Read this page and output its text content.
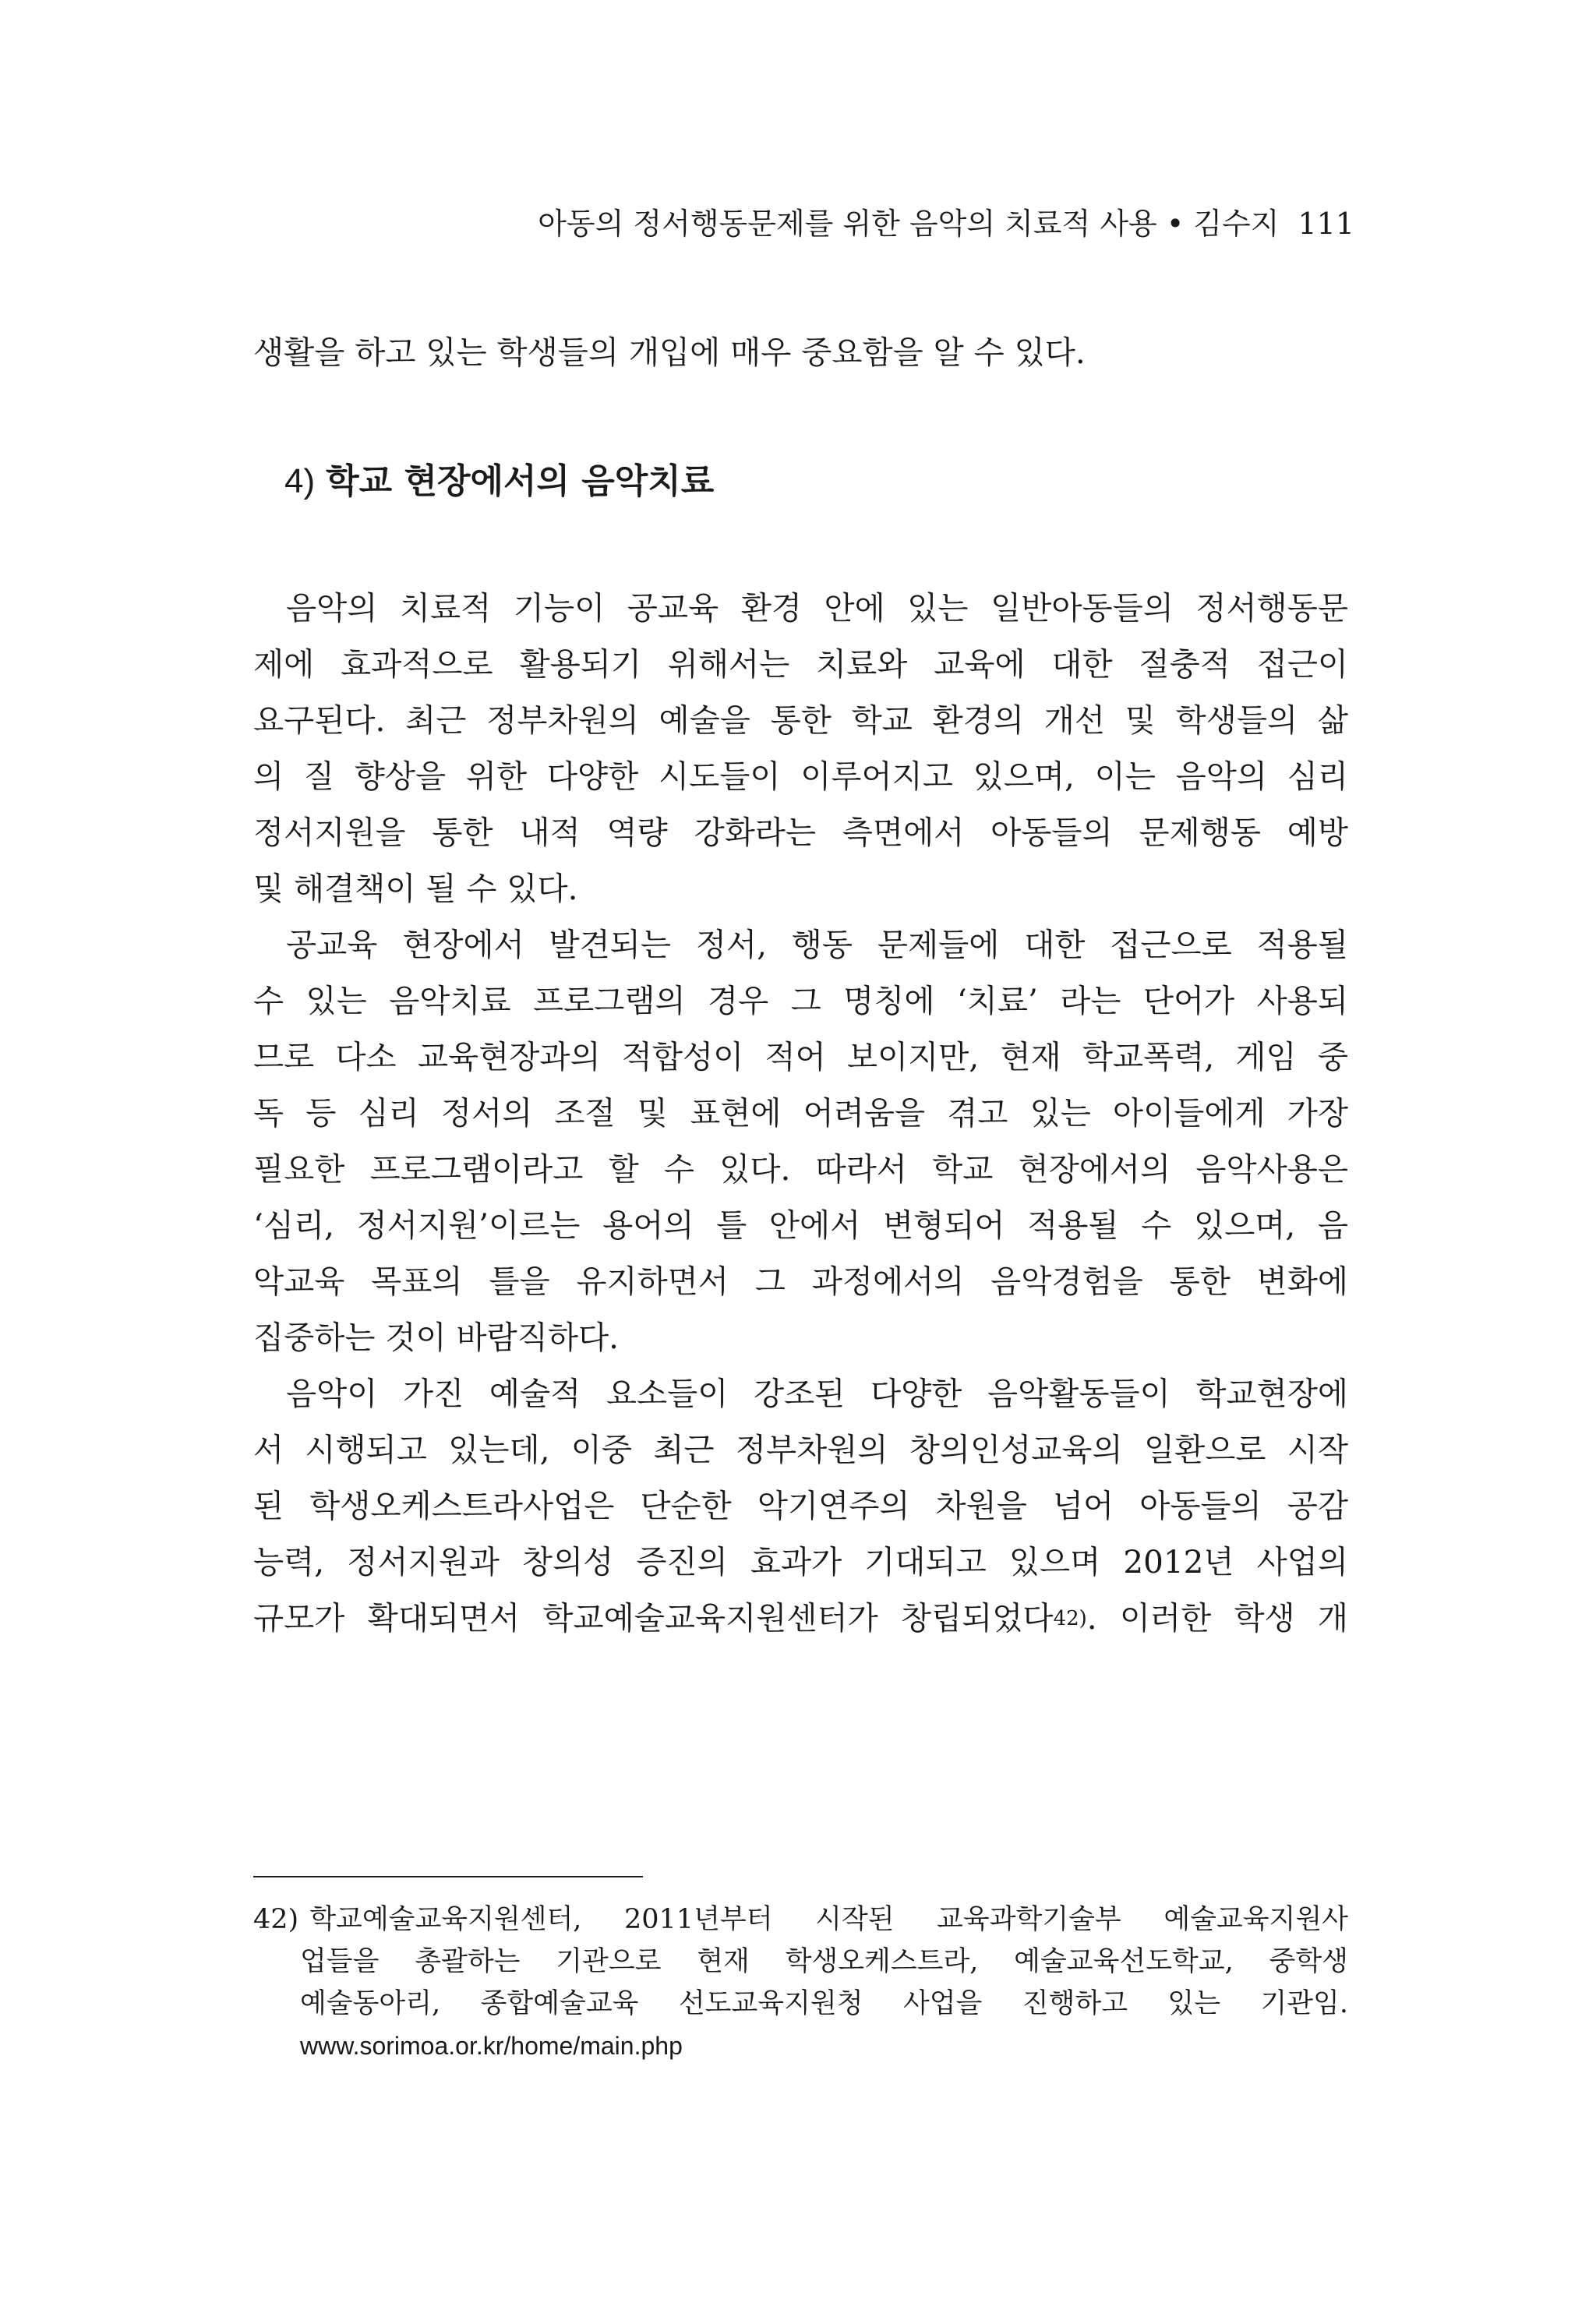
아동의 정서행동문제를 위한 음악의 치료적 사용 • 김수지 111
생활을 하고 있는 학생들의 개입에 매우 중요함을 알 수 있다.
4) 학교 현장에서의 음악치료
음악의 치료적 기능이 공교육 환경 안에 있는 일반아동들의 정서행동문
제에 효과적으로 활용되기 위해서는 치료와 교육에 대한 절충적 접근이
요구된다. 최근 정부차원의 예술을 통한 학교 환경의 개선 및 학생들의 삶
의 질 향상을 위한 다양한 시도들이 이루어지고 있으며, 이는 음악의 심리
정서지원을 통한 내적 역량 강화라는 측면에서 아동들의 문제행동 예방
및 해결책이 될 수 있다.
공교육 현장에서 발견되는 정서, 행동 문제들에 대한 접근으로 적용될
수 있는 음악치료 프로그램의 경우 그 명칭에 ‘치료’ 라는 단어가 사용되
므로 다소 교육현장과의 적합성이 적어 보이지만, 현재 학교폭력, 게임 중
독 등 심리 정서의 조절 및 표현에 어려움을 겪고 있는 아이들에게 가장
필요한 프로그램이라고 할 수 있다. 따라서 학교 현장에서의 음악사용은
‘심리, 정서지원’이르는 용어의 틀 안에서 변형되어 적용될 수 있으며, 음
악교육 목표의 틀을 유지하면서 그 과정에서의 음악경험을 통한 변화에
집중하는 것이 바람직하다.
음악이 가진 예술적 요소들이 강조된 다양한 음악활동들이 학교현장에
서 시행되고 있는데, 이중 최근 정부차원의 창의인성교육의 일환으로 시작
된 학생오케스트라사업은 단순한 악기연주의 차원을 넘어 아동들의 공감
능력, 정서지원과 창의성 증진의 효과가 기대되고 있으며 2012년 사업의
규모가 확대되면서 학교예술교육지원센터가 창립되었다$^{42)}$. 이러한 학생 개
42) 학교예술교육지원센터, 2011년부터 시작된 교육과학기술부 예술교육지원사
업들을 총괄하는 기관으로 현재 학생오케스트라, 예술교육선도학교, 중학생
예술동아리, 종합예술교육 선도교육지원청 사업을 진행하고 있는 기관임.
www.sorimoa.or.kr/home/main.php
